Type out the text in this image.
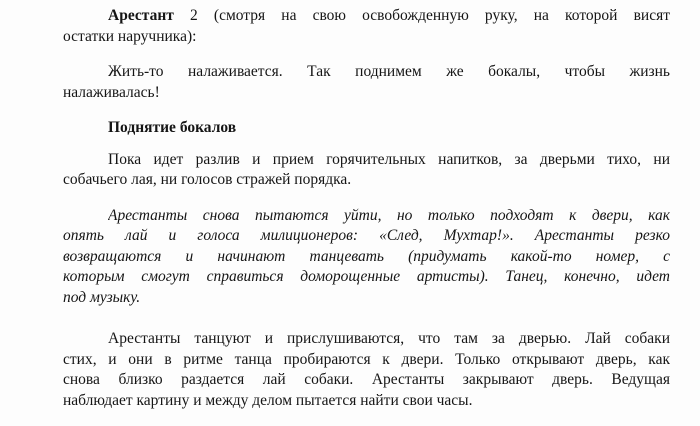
Арестант 2 (смотря на свою освобожденную руку, на которой висят
остатки наручника):
Жить-то налаживается. Так поднимем же бокалы, чтобы жизнь
налаживалась!
Поднятие бокалов
Пока идет разлив и прием горячительных напитков, за дверьми тихо, ни
собачьего лая, ни голосов стражей порядка.
Арестанты снова пытаются уйти, но только подходят к двери, как
опять лай и голоса милиционеров: «След, Мухтар!». Арестанты резко
возвращаются и начинают танцевать (придумать какой-то номер, с
которым смогут справиться доморощенные артисты). Танец, конечно, идет
под музыку.
Арестанты танцуют и прислушиваются, что там за дверью. Лай собаки
стих, и они в ритме танца пробираются к двери. Только открывают дверь, как
снова близко раздается лай собаки. Арестанты закрывают дверь. Ведущая
наблюдает картину и между делом пытается найти свои часы.
